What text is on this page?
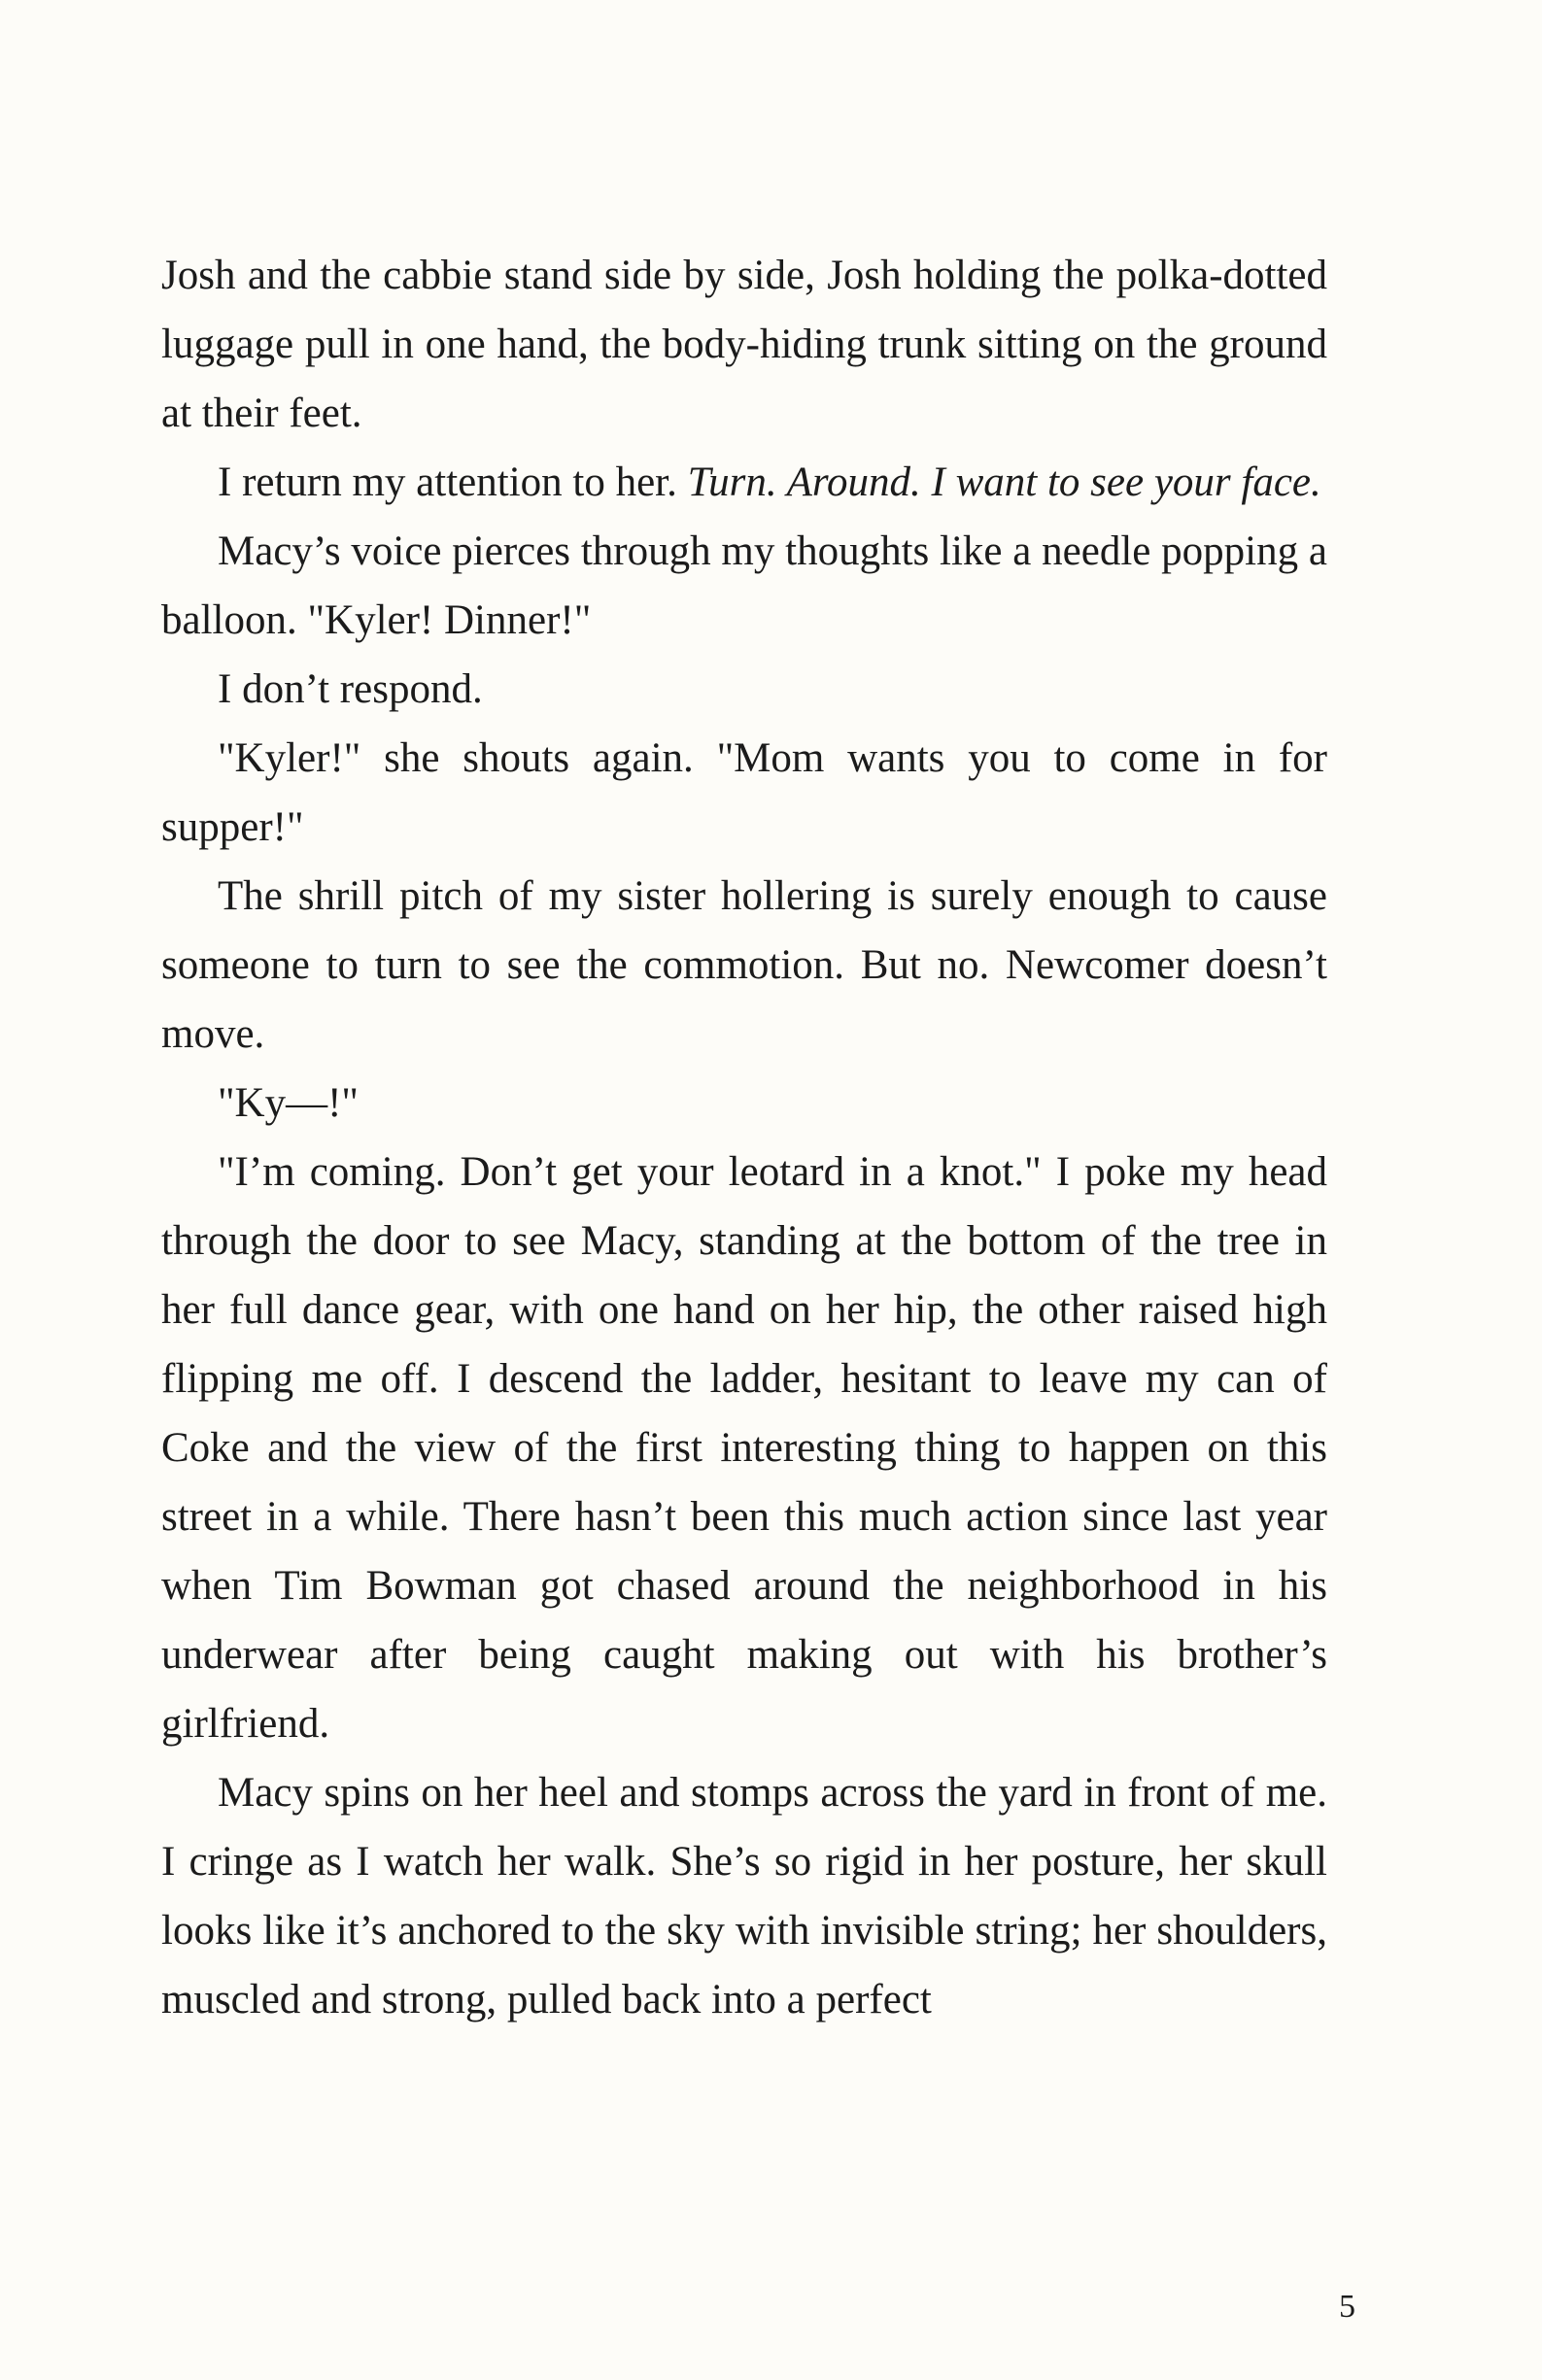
Josh and the cabbie stand side by side, Josh holding the polka-dotted luggage pull in one hand, the body-hiding trunk sitting on the ground at their feet.

I return my attention to her. Turn. Around. I want to see your face.

Macy’s voice pierces through my thoughts like a needle popping a balloon. "Kyler! Dinner!"

I don’t respond.

"Kyler!" she shouts again. "Mom wants you to come in for supper!"

The shrill pitch of my sister hollering is surely enough to cause someone to turn to see the commotion. But no. Newcomer doesn’t move.

"Ky—!"

"I’m coming. Don’t get your leotard in a knot." I poke my head through the door to see Macy, standing at the bottom of the tree in her full dance gear, with one hand on her hip, the other raised high flipping me off. I descend the ladder, hesitant to leave my can of Coke and the view of the first interesting thing to happen on this street in a while. There hasn’t been this much action since last year when Tim Bowman got chased around the neighborhood in his underwear after being caught making out with his brother’s girlfriend.

Macy spins on her heel and stomps across the yard in front of me. I cringe as I watch her walk. She’s so rigid in her posture, her skull looks like it’s anchored to the sky with invisible string; her shoulders, muscled and strong, pulled back into a perfect

5
